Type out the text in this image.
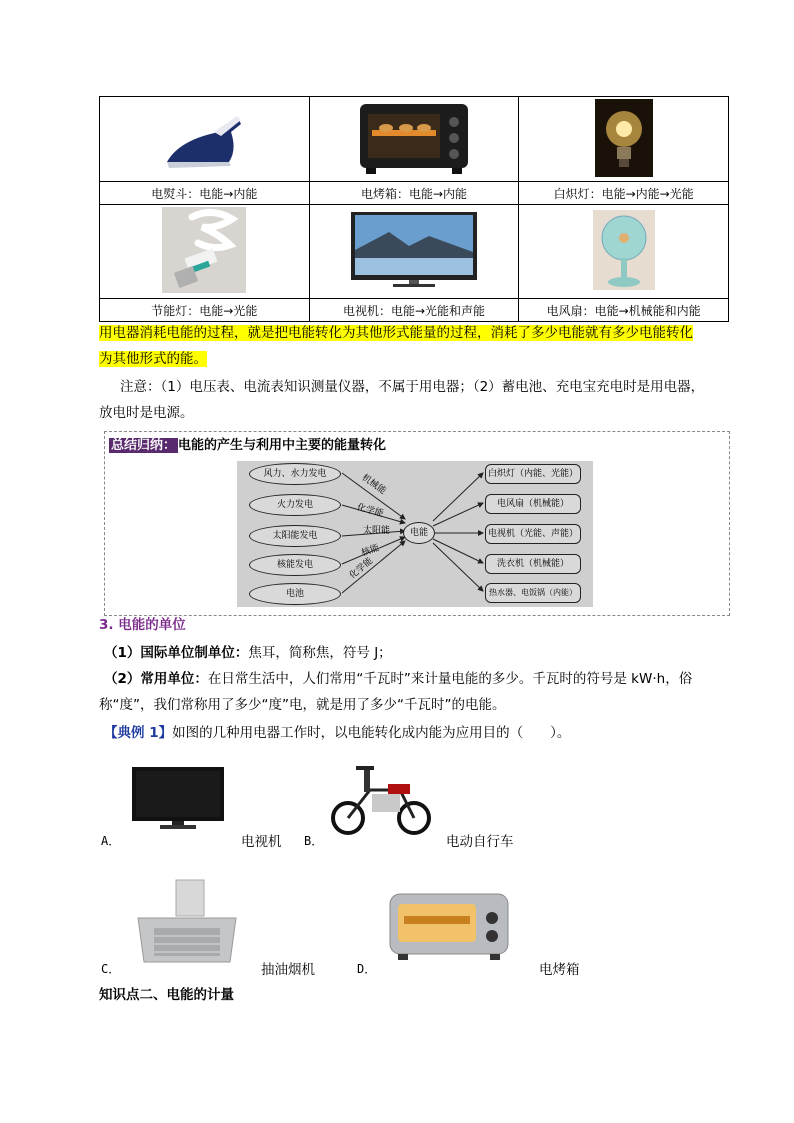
电熨斗：电能→内能	电烤箱：电能→内能	白炽灯：电能→内能→光能

节能灯：电能→光能	电视机：电能→光能和声能	电风扇：电能→机械能和内能

用电器消耗电能的过程，就是把电能转化为其他形式能量的过程，消耗了多少电能就有多少电能转化

为其他形式的能。

注意：（1）电压表、电流表知识测量仪器，不属于用电器；（2）蓄电池、充电宝充电时是用电器，

放电时是电源。

总结归纳： 电能的产生与利用中主要的能量转化
风力、水力发电
火力发电
太阳能发电
核能发电
电池
机械能
化学能
太阳能
核能
化学能
电能
白炽灯（内能、光能）
电风扇（机械能）
电视机（光能、声能）
洗衣机（机械能）
热水器、电饭锅（内能）

3. 电能的单位

（1）国际单位制单位：焦耳，简称焦，符号 J；

（2）常用单位：在日常生活中，人们常用“千瓦时”来计量电能的多少。千瓦时的符号是 kW·h，俗

称“度”，我们常称用了多少“度”电，就是用了多少“千瓦时”的电能。

【典例 1】如图的几种用电器工作时，以电能转化成内能为应用目的（　　）。

A．	电视机 B．	电动自行车
C．	抽油烟机	D．	电烤箱

知识点二、电能的计量
